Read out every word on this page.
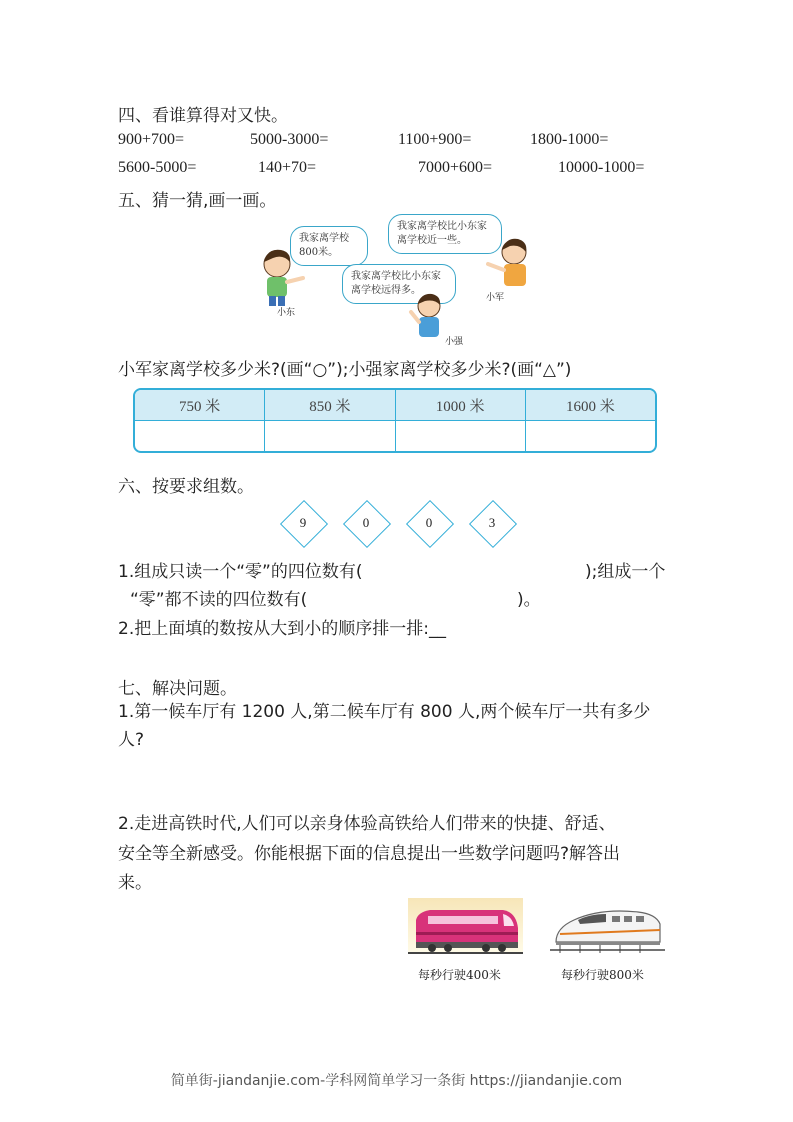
四、看谁算得对又快。
900+700=	5000-3000=	1100+900=	1800-1000=
5600-5000=	140+70=	7000+600=	10000-1000=
五、猜一猜,画一画。
我家离学校800米。
我家离学校比小东家离学校近一些。
我家离学校比小东家离学校远得多。
小东
小军
小强
小军家离学校多少米?(画“○”);小强家离学校多少米?(画“△”)
750 米	850 米	1000 米	1600 米
六、按要求组数。
9	0	0	3
1.组成只读一个“零”的四位数有(	);组成一个
“零”都不读的四位数有(	)。
2.把上面填的数按从大到小的顺序排一排:__
七、解决问题。
1.第一候车厅有 1200 人,第二候车厅有 800 人,两个候车厅一共有多少
人?
2.走进高铁时代,人们可以亲身体验高铁给人们带来的快捷、舒适、
安全等全新感受。你能根据下面的信息提出一些数学问题吗?解答出
来。
每秒行驶400米	每秒行驶800米
简单街-jiandanjie.com-学科网简单学习一条街 https://jiandanjie.com
